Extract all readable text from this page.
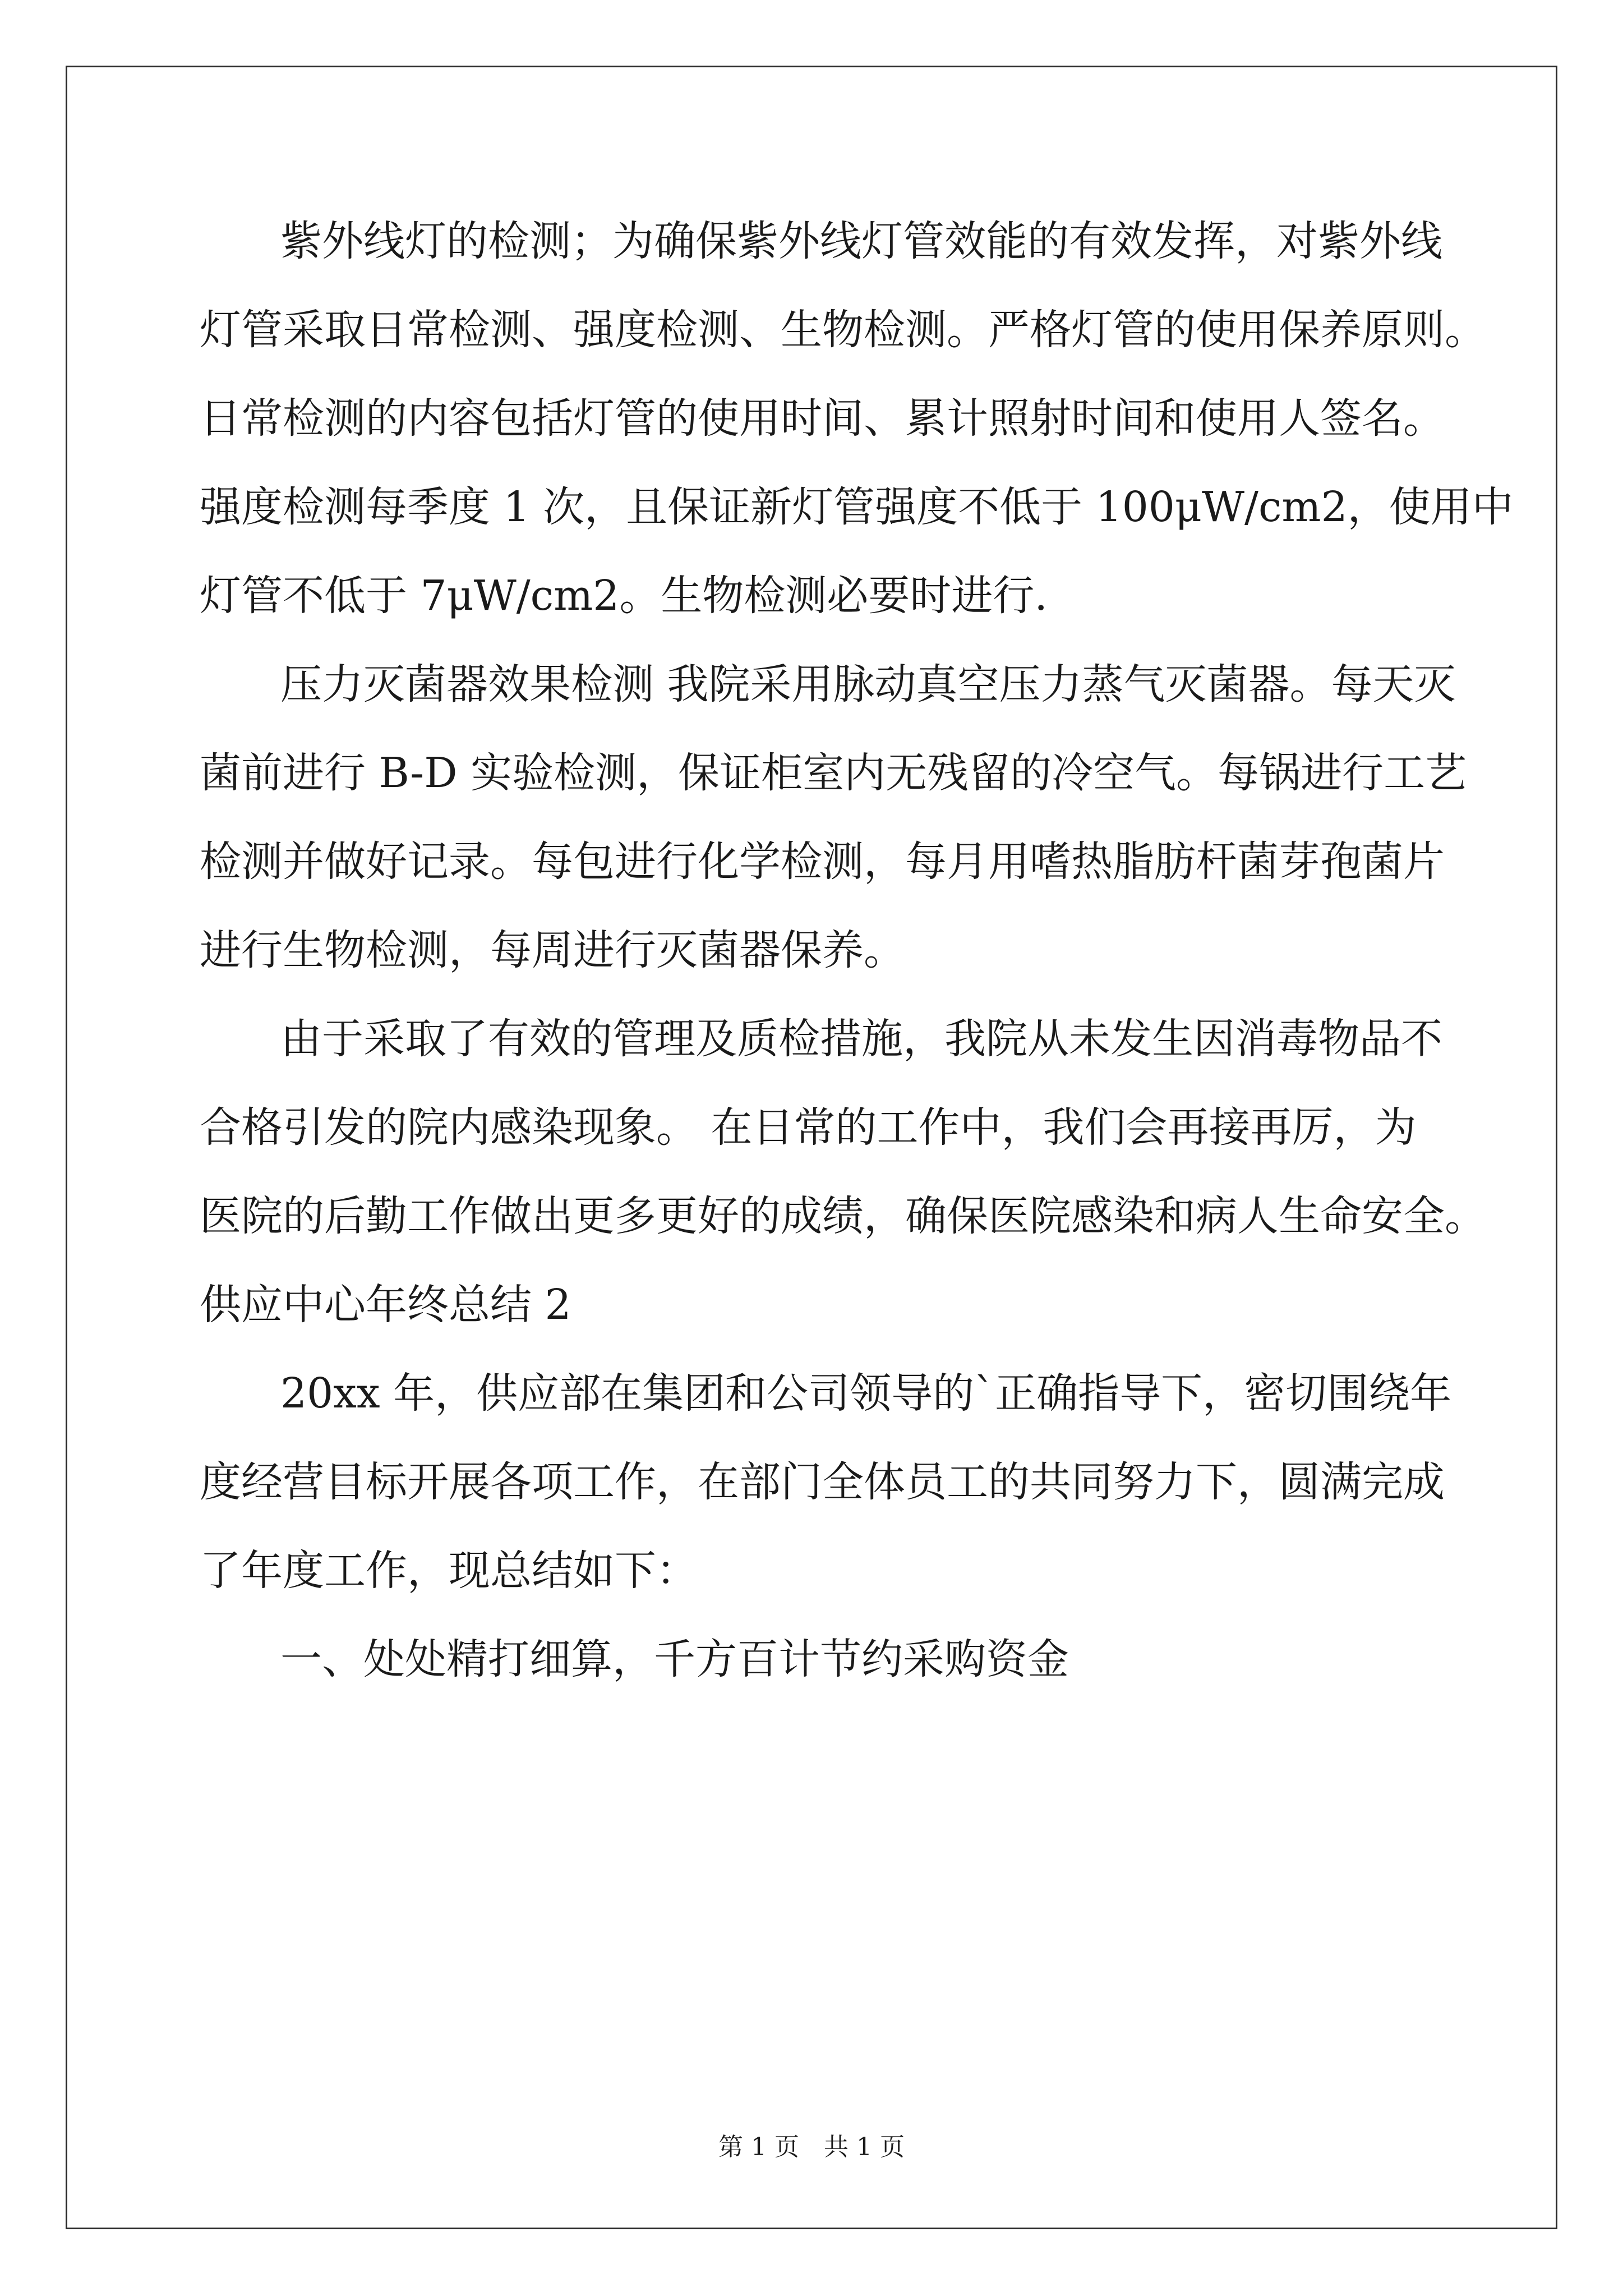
紫外线灯的检测；为确保紫外线灯管效能的有效发挥，对紫外线
灯管采取日常检测、强度检测、生物检测。严格灯管的使用保养原则。
日常检测的内容包括灯管的使用时间、累计照射时间和使用人签名。
强度检测每季度 1 次，且保证新灯管强度不低于 100μW/cm2，使用中
灯管不低于 7μW/cm2。生物检测必要时进行.
压力灭菌器效果检测 我院采用脉动真空压力蒸气灭菌器。每天灭
菌前进行 B-D 实验检测，保证柜室内无残留的冷空气。每锅进行工艺
检测并做好记录。每包进行化学检测，每月用嗜热脂肪杆菌芽孢菌片
进行生物检测，每周进行灭菌器保养。
由于采取了有效的管理及质检措施，我院从未发生因消毒物品不
合格引发的院内感染现象。 在日常的工作中，我们会再接再厉，为
医院的后勤工作做出更多更好的成绩，确保医院感染和病人生命安全。
供应中心年终总结 2
20xx 年，供应部在集团和公司领导的`正确指导下，密切围绕年
度经营目标开展各项工作，在部门全体员工的共同努力下，圆满完成
了年度工作，现总结如下：
一、处处精打细算，千方百计节约采购资金
第 1 页 共 1 页
